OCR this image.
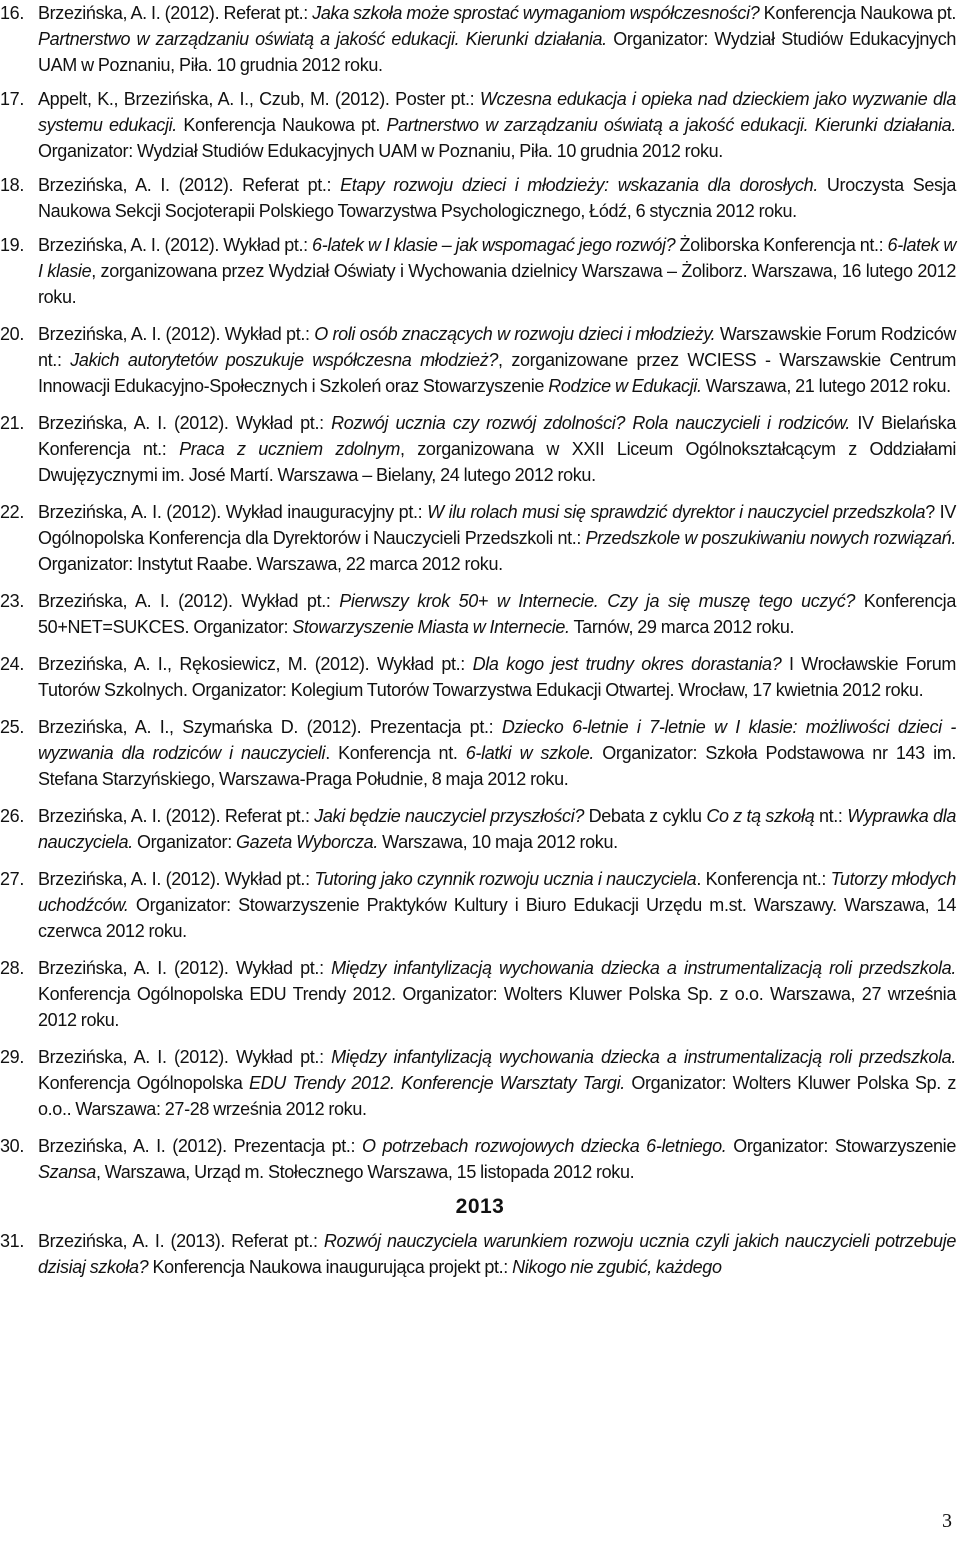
16. Brzezińska, A. I. (2012). Referat pt.: Jaka szkoła może sprostać wymaganiom współczesności? Konferencja Naukowa pt. Partnerstwo w zarządzaniu oświatą a jakość edukacji. Kierunki działania. Organizator: Wydział Studiów Edukacyjnych UAM w Poznaniu, Piła. 10 grudnia 2012 roku.
17. Appelt, K., Brzezińska, A. I., Czub, M. (2012). Poster pt.: Wczesna edukacja i opieka nad dzieckiem jako wyzwanie dla systemu edukacji. Konferencja Naukowa pt. Partnerstwo w zarządzaniu oświatą a jakość edukacji. Kierunki działania. Organizator: Wydział Studiów Edukacyjnych UAM w Poznaniu, Piła. 10 grudnia 2012 roku.
18. Brzezińska, A. I. (2012). Referat pt.: Etapy rozwoju dzieci i młodzieży: wskazania dla dorosłych. Uroczysta Sesja Naukowa Sekcji Socjoterapii Polskiego Towarzystwa Psychologicznego, Łódź, 6 stycznia 2012 roku.
19. Brzezińska, A. I. (2012). Wykład pt.: 6-latek w I klasie – jak wspomagać jego rozwój? Żoliborska Konferencja nt.: 6-latek w I klasie, zorganizowana przez Wydział Oświaty i Wychowania dzielnicy Warszawa – Żoliborz. Warszawa, 16 lutego 2012 roku.
20. Brzezińska, A. I. (2012). Wykład pt.: O roli osób znaczących w rozwoju dzieci i młodzieży. Warszawskie Forum Rodziców nt.: Jakich autorytetów poszukuje współczesna młodzież?, zorganizowane przez WCIESS - Warszawskie Centrum Innowacji Edukacyjno-Społecznych i Szkoleń oraz Stowarzyszenie Rodzice w Edukacji. Warszawa, 21 lutego 2012 roku.
21. Brzezińska, A. I. (2012). Wykład pt.: Rozwój ucznia czy rozwój zdolności? Rola nauczycieli i rodziców. IV Bielańska Konferencja nt.: Praca z uczniem zdolnym, zorganizowana w XXII Liceum Ogólnokształcącym z Oddziałami Dwujęzycznymi im. José Martí. Warszawa – Bielany, 24 lutego 2012 roku.
22. Brzezińska, A. I. (2012). Wykład inauguracyjny pt.: W ilu rolach musi się sprawdzić dyrektor i nauczyciel przedszkola? IV Ogólnopolska Konferencja dla Dyrektorów i Nauczycieli Przedszkoli nt.: Przedszkole w poszukiwaniu nowych rozwiązań. Organizator: Instytut Raabe. Warszawa, 22 marca 2012 roku.
23. Brzezińska, A. I. (2012). Wykład pt.: Pierwszy krok 50+ w Internecie. Czy ja się muszę tego uczyć? Konferencja 50+NET=SUKCES. Organizator: Stowarzyszenie Miasta w Internecie. Tarnów, 29 marca 2012 roku.
24. Brzezińska, A. I., Rękosiewicz, M. (2012). Wykład pt.: Dla kogo jest trudny okres dorastania? I Wrocławskie Forum Tutorów Szkolnych. Organizator: Kolegium Tutorów Towarzystwa Edukacji Otwartej. Wrocław, 17 kwietnia 2012 roku.
25. Brzezińska, A. I., Szymańska D. (2012). Prezentacja pt.: Dziecko 6-letnie i 7-letnie w I klasie: możliwości dzieci - wyzwania dla rodziców i nauczycieli. Konferencja nt. 6-latki w szkole. Organizator: Szkoła Podstawowa nr 143 im. Stefana Starzyńskiego, Warszawa-Praga Południe, 8 maja 2012 roku.
26. Brzezińska, A. I. (2012). Referat pt.: Jaki będzie nauczyciel przyszłości? Debata z cyklu Co z tą szkołą nt.: Wyprawka dla nauczyciela. Organizator: Gazeta Wyborcza. Warszawa, 10 maja 2012 roku.
27. Brzezińska, A. I. (2012). Wykład pt.: Tutoring jako czynnik rozwoju ucznia i nauczyciela. Konferencja nt.: Tutorzy młodych uchodźców. Organizator: Stowarzyszenie Praktyków Kultury i Biuro Edukacji Urzędu m.st. Warszawy. Warszawa, 14 czerwca 2012 roku.
28. Brzezińska, A. I. (2012). Wykład pt.: Między infantylizacją wychowania dziecka a instrumentalizacją roli przedszkola. Konferencja Ogólnopolska EDU Trendy 2012. Organizator: Wolters Kluwer Polska Sp. z o.o. Warszawa, 27 września 2012 roku.
29. Brzezińska, A. I. (2012). Wykład pt.: Między infantylizacją wychowania dziecka a instrumentalizacją roli przedszkola. Konferencja Ogólnopolska EDU Trendy 2012. Konferencje Warsztaty Targi. Organizator: Wolters Kluwer Polska Sp. z o.o.. Warszawa: 27-28 września 2012 roku.
30. Brzezińska, A. I. (2012). Prezentacja pt.: O potrzebach rozwojowych dziecka 6-letniego. Organizator: Stowarzyszenie Szansa, Warszawa, Urząd m. Stołecznego Warszawa, 15 listopada 2012 roku.
2013
31. Brzezińska, A. I. (2013). Referat pt.: Rozwój nauczyciela warunkiem rozwoju ucznia czyli jakich nauczycieli potrzebuje dzisiaj szkoła? Konferencja Naukowa inaugurująca projekt pt.: Nikogo nie zgubić, każdego
3
